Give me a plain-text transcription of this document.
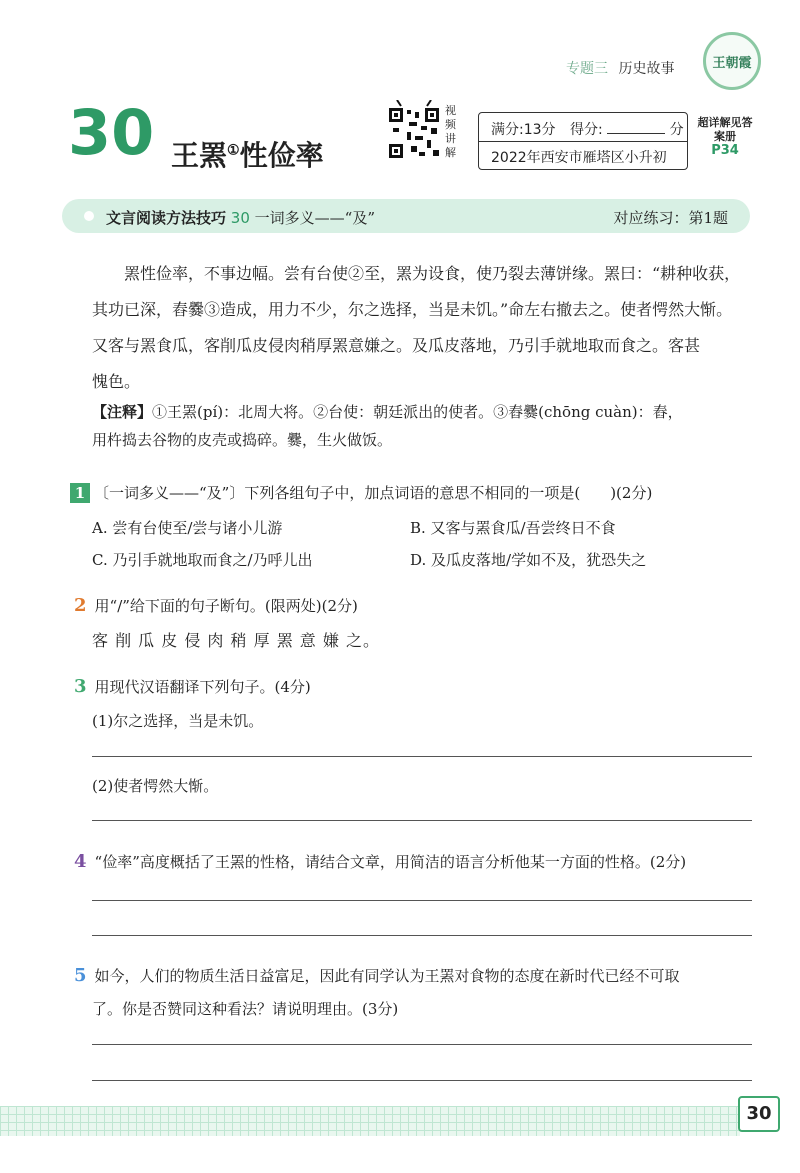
专题三 历史故事	王朝霞
30 王罴①性俭率
视频讲解
满分:13分 得分:	分
2022年西安市雁塔区小升初
超详解见答案册
P34
文言阅读方法技巧 30 一词多义——“及”	对应练习：第1题
罴性俭率，不事边幅。尝有台使②至，罴为设食，使乃裂去薄饼缘。罴曰：“耕种收获，
其功已深，舂爨③造成，用力不少，尔之选择，当是未饥。”命左右撤去之。使者愕然大惭。
又客与罴食瓜，客削瓜皮侵肉稍厚罴意嫌之。及瓜皮落地，乃引手就地取而食之。客甚
愧色。
【注释】①王罴(pí)：北周大将。②台使：朝廷派出的使者。③舂爨(chōng cuàn)：舂，
用杵捣去谷物的皮壳或捣碎。爨，生火做饭。
1 〔一词多义——“及”〕下列各组句子中，加点词语的意思不相同的一项是(　　)(2分)
A. 尝有台使至/尝与诸小儿游	B. 又客与罴食瓜/吾尝终日不食
C. 乃引手就地取而食之/乃呼儿出	D. 及瓜皮落地/学如不及，犹恐失之
2 用“/”给下面的句子断句。(限两处)(2分)
客 削 瓜 皮 侵 肉 稍 厚 罴 意 嫌 之。
3 用现代汉语翻译下列句子。(4分)
(1)尔之选择，当是未饥。
(2)使者愕然大惭。
4 “俭率”高度概括了王罴的性格，请结合文章，用简洁的语言分析他某一方面的性格。(2分)
5 如今，人们的物质生活日益富足，因此有同学认为王罴对食物的态度在新时代已经不可取
了。你是否赞同这种看法？请说明理由。(3分)
30
